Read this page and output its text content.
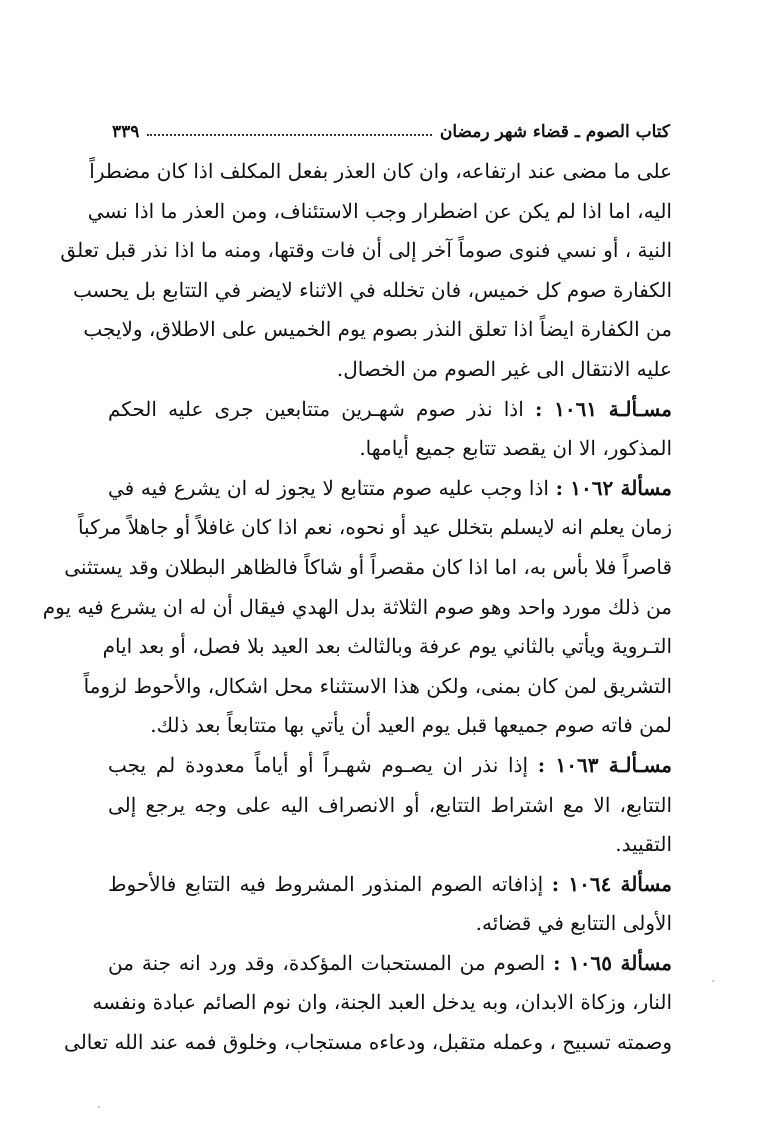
كتاب الصوم ـ قضاء شهر رمضان
٣٣٩
على ما مضى عند ارتفاعه، وان كان العذر بفعل المكلف اذا كان مضطراً
اليه، اما اذا لم يكن عن اضطرار وجب الاستئناف، ومن العذر ما اذا نسي
النية ، أو نسي فنوى صوماً آخر إلى أن فات وقتها، ومنه ما اذا نذر قبل تعلق
الكفارة صوم كل خميس، فان تخلله في الاثناء لايضر في التتابع بل يحسب
من الكفارة ايضاً اذا تعلق النذر بصوم يوم الخميس على الاطلاق، ولايجب
عليه الانتقال الى غير الصوم من الخصال.
مسـألـة ١٠٦١ : اذا نذر صوم شهـرين متتابعين جرى عليه الحكم
المذكور، الا ان يقصد تتابع جميع أيامها.
مسألة ١٠٦٢ : اذا وجب عليه صوم متتابع لا يجوز له ان يشرع فيه في
زمان يعلم انه لايسلم بتخلل عيد أو نحوه، نعم اذا كان غافلاً أو جاهلاً مركباً
قاصراً فلا بأس به، اما اذا كان مقصراً أو شاكاً فالظاهر البطلان وقد يستثنى
من ذلك مورد واحد وهو صوم الثلاثة بدل الهدي فيقال أن له ان يشرع فيه يوم
التـروية ويأتي بالثاني يوم عرفة وبالثالث بعد العيد بلا فصل، أو بعد ايام
التشريق لمن كان بمنى، ولكن هذا الاستثناء محل اشكال، والأحوط لزوماً
لمن فاته صوم جميعها قبل يوم العيد أن يأتي بها متتابعاً بعد ذلك.
مسـألـة ١٠٦٣ : إذا نذر ان يصـوم شهـراً أو أياماً معدودة لم يجب
التتابع، الا مع اشتراط التتابع، أو الانصراف اليه على وجه يرجع إلى
التقييد.
مسألة ١٠٦٤ : إذافاته الصوم المنذور المشروط فيه التتابع فالأحوط
الأولى التتابع في قضائه.
مسألة ١٠٦٥ : الصوم من المستحبات المؤكدة، وقد ورد انه جنة من
النار، وزكاة الابدان، وبه يدخل العبد الجنة، وان نوم الصائم عبادة ونفسه
وصمته تسبيح ، وعمله متقبل، ودعاءه مستجاب، وخلوق فمه عند الله تعالى
